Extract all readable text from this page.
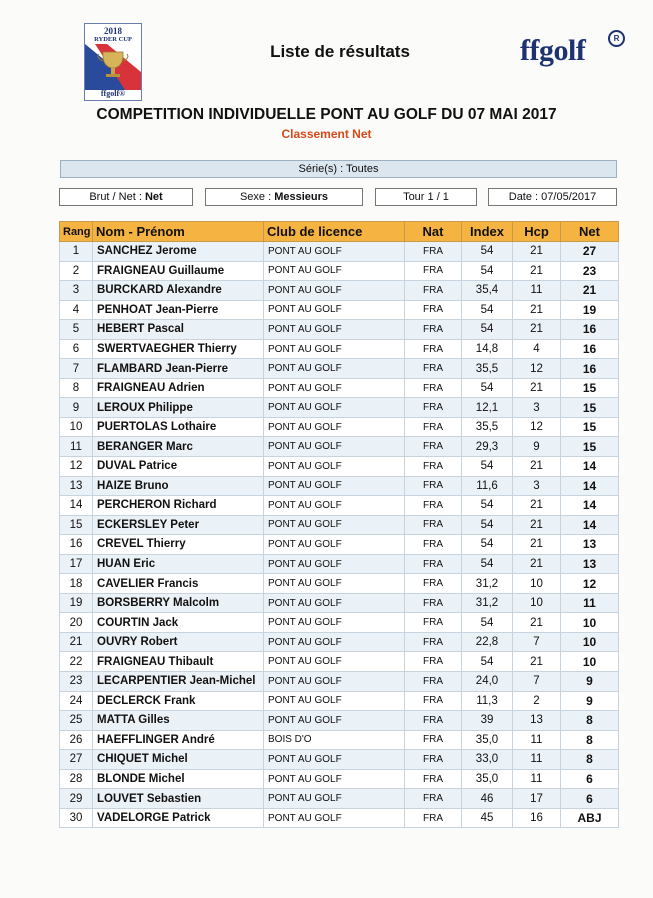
2018
RYDER CUP
ffgolf®
Liste de résultats	ffgolf	R
COMPETITION INDIVIDUELLE PONT AU GOLF DU 07 MAI 2017
Classement Net
Série(s) : Toutes
Brut / Net : Net	Sexe : Messieurs	Tour 1 / 1	Date : 07/05/2017
Rang	Nom - Prénom	Club de licence	Nat	Index	Hcp	Net
1	SANCHEZ Jerome	PONT AU GOLF	FRA	54	21	27
2	FRAIGNEAU Guillaume	PONT AU GOLF	FRA	54	21	23
3	BURCKARD Alexandre	PONT AU GOLF	FRA	35,4	11	21
4	PENHOAT Jean-Pierre	PONT AU GOLF	FRA	54	21	19
5	HEBERT Pascal	PONT AU GOLF	FRA	54	21	16
6	SWERTVAEGHER Thierry	PONT AU GOLF	FRA	14,8	4	16
7	FLAMBARD Jean-Pierre	PONT AU GOLF	FRA	35,5	12	16
8	FRAIGNEAU Adrien	PONT AU GOLF	FRA	54	21	15
9	LEROUX Philippe	PONT AU GOLF	FRA	12,1	3	15
10	PUERTOLAS Lothaire	PONT AU GOLF	FRA	35,5	12	15
11	BERANGER Marc	PONT AU GOLF	FRA	29,3	9	15
12	DUVAL Patrice	PONT AU GOLF	FRA	54	21	14
13	HAIZE Bruno	PONT AU GOLF	FRA	11,6	3	14
14	PERCHERON Richard	PONT AU GOLF	FRA	54	21	14
15	ECKERSLEY Peter	PONT AU GOLF	FRA	54	21	14
16	CREVEL Thierry	PONT AU GOLF	FRA	54	21	13
17	HUAN Eric	PONT AU GOLF	FRA	54	21	13
18	CAVELIER Francis	PONT AU GOLF	FRA	31,2	10	12
19	BORSBERRY Malcolm	PONT AU GOLF	FRA	31,2	10	11
20	COURTIN Jack	PONT AU GOLF	FRA	54	21	10
21	OUVRY Robert	PONT AU GOLF	FRA	22,8	7	10
22	FRAIGNEAU Thibault	PONT AU GOLF	FRA	54	21	10
23	LECARPENTIER Jean-Michel	PONT AU GOLF	FRA	24,0	7	9
24	DECLERCK Frank	PONT AU GOLF	FRA	11,3	2	9
25	MATTA Gilles	PONT AU GOLF	FRA	39	13	8
26	HAEFFLINGER André	BOIS D'O	FRA	35,0	11	8
27	CHIQUET Michel	PONT AU GOLF	FRA	33,0	11	8
28	BLONDE Michel	PONT AU GOLF	FRA	35,0	11	6
29	LOUVET Sebastien	PONT AU GOLF	FRA	46	17	6
30	VADELORGE Patrick	PONT AU GOLF	FRA	45	16	ABJ
